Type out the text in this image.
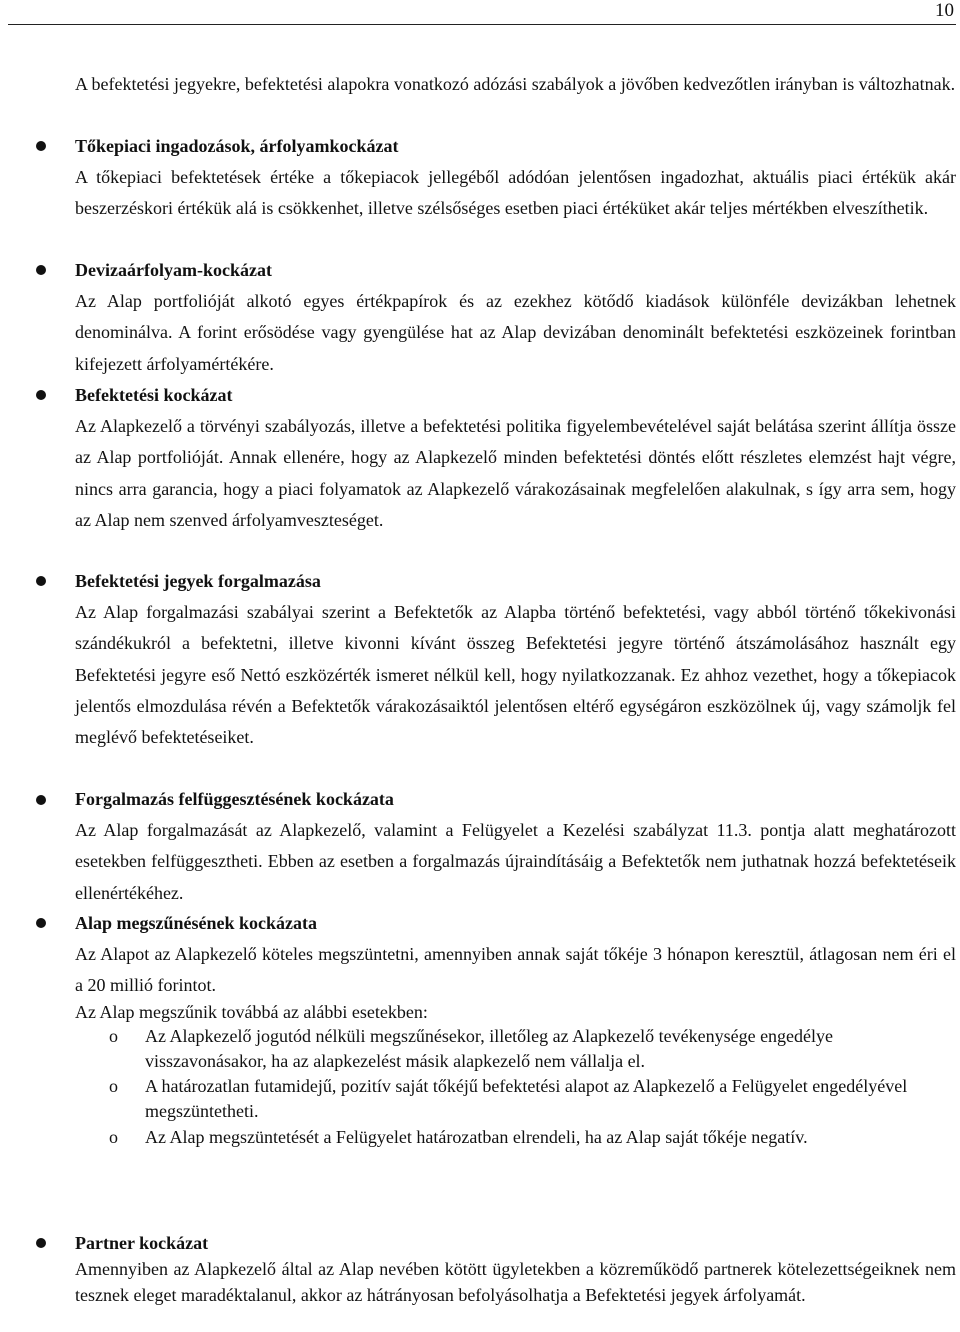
10

A befektetési jegyekre, befektetési alapokra vonatkozó adózási szabályok a jövőben kedvezőtlen irányban is változhatnak.

Tőkepiaci ingadozások, árfolyamkockázat

A tőkepiaci befektetések értéke a tőkepiacok jellegéből adódóan jelentősen ingadozhat, aktuális piaci értékük akár beszerzéskori értékük alá is csökkenhet, illetve szélsőséges esetben piaci értéküket akár teljes mértékben elveszíthetik.

Devizaárfolyam-kockázat

Az Alap portfolióját alkotó egyes értékpapírok és az ezekhez kötődő kiadások különféle devizákban lehetnek denominálva. A forint erősödése vagy gyengülése hat az Alap devizában denominált befektetési eszközeinek forintban kifejezett árfolyamértékére.

Befektetési kockázat

Az Alapkezelő a törvényi szabályozás, illetve a befektetési politika figyelembevételével saját belátása szerint állítja össze az Alap portfolióját. Annak ellenére, hogy az Alapkezelő minden befektetési döntés előtt részletes elemzést hajt végre, nincs arra garancia, hogy a piaci folyamatok az Alapkezelő várakozásainak megfelelően alakulnak, s így arra sem, hogy az Alap nem szenved árfolyamveszteséget.

Befektetési jegyek forgalmazása

Az Alap forgalmazási szabályai szerint a Befektetők az Alapba történő befektetési, vagy abból történő tőkekivonási szándékukról a befektetni, illetve kivonni kívánt összeg Befektetési jegyre történő átszámolásához használt egy Befektetési jegyre eső Nettó eszközérték ismeret nélkül kell, hogy nyilatkozzanak. Ez ahhoz vezethet, hogy a tőkepiacok jelentős elmozdulása révén a Befektetők várakozásaiktól jelentősen eltérő egységáron eszközölnek új, vagy számoljk fel meglévő befektetéseiket.

Forgalmazás felfüggesztésének kockázata

Az Alap forgalmazását az Alapkezelő, valamint a Felügyelet a Kezelési szabályzat 11.3. pontja alatt meghatározott esetekben felfüggesztheti. Ebben az esetben a forgalmazás újraindításáig a Befektetők nem juthatnak hozzá befektetéseik ellenértékéhez.

Alap megszűnésének kockázata

Az Alapot az Alapkezelő köteles megszüntetni, amennyiben annak saját tőkéje 3 hónapon keresztül, átlagosan nem éri el a 20 millió forintot.

Az Alap megszűnik továbbá az alábbi esetekben:

o Az Alapkezelő jogutód nélküli megszűnésekor, illetőleg az Alapkezelő tevékenysége engedélye visszavonásakor, ha az alapkezelést másik alapkezelő nem vállalja el.

o A határozatlan futamidejű, pozitív saját tőkéjű befektetési alapot az Alapkezelő a Felügyelet engedélyével megszüntetheti.

o Az Alap megszüntetését a Felügyelet határozatban elrendeli, ha az Alap saját tőkéje negatív.

Partner kockázat

Amennyiben az Alapkezelő által az Alap nevében kötött ügyletekben a közreműködő partnerek kötelezettségeiknek nem tesznek eleget maradéktalanul, akkor az hátrányosan befolyásolhatja a Befektetési jegyek árfolyamát.
